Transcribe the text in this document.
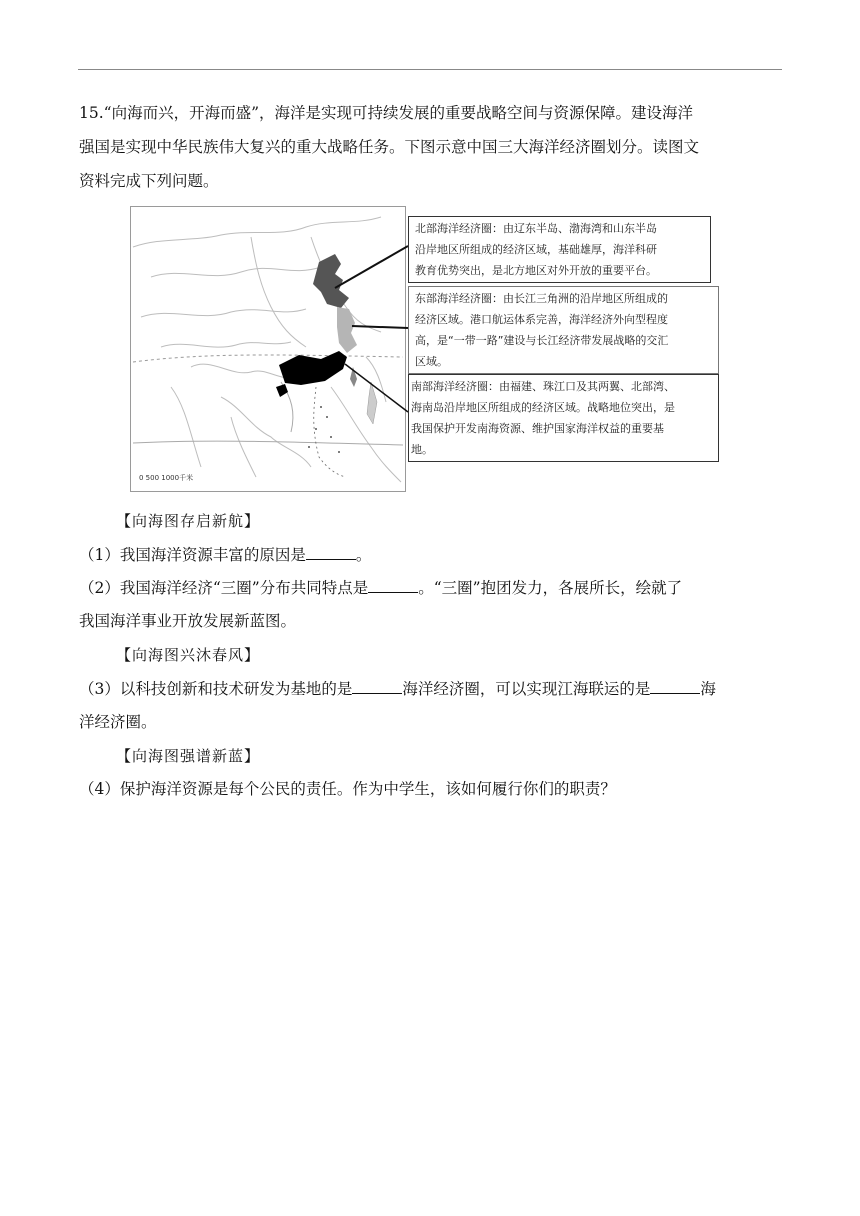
15.“向海而兴，开海而盛”，海洋是实现可持续发展的重要战略空间与资源保障。建设海洋
强国是实现中华民族伟大复兴的重大战略任务。下图示意中国三大海洋经济圈划分。读图文
资料完成下列问题。
0 500 1000千米
北部海洋经济圈：由辽东半岛、渤海湾和山东半岛
沿岸地区所组成的经济区域，基础雄厚，海洋科研
教育优势突出，是北方地区对外开放的重要平台。
东部海洋经济圈：由长江三角洲的沿岸地区所组成的
经济区域。港口航运体系完善，海洋经济外向型程度
高，是“一带一路”建设与长江经济带发展战略的交汇
区域。
南部海洋经济圈：由福建、珠江口及其两翼、北部湾、
海南岛沿岸地区所组成的经济区域。战略地位突出，是
我国保护开发南海资源、维护国家海洋权益的重要基
地。
【向海图存启新航】
（1）我国海洋资源丰富的原因是	。
（2）我国海洋经济“三圈”分布共同特点是	。“三圈”抱团发力，各展所长，绘就了
我国海洋事业开放发展新蓝图。
【向海图兴沐春风】
（3）以科技创新和技术研发为基地的是	海洋经济圈，可以实现江海联运的是	海
洋经济圈。
【向海图强谱新蓝】
（4）保护海洋资源是每个公民的责任。作为中学生，该如何履行你们的职责？
